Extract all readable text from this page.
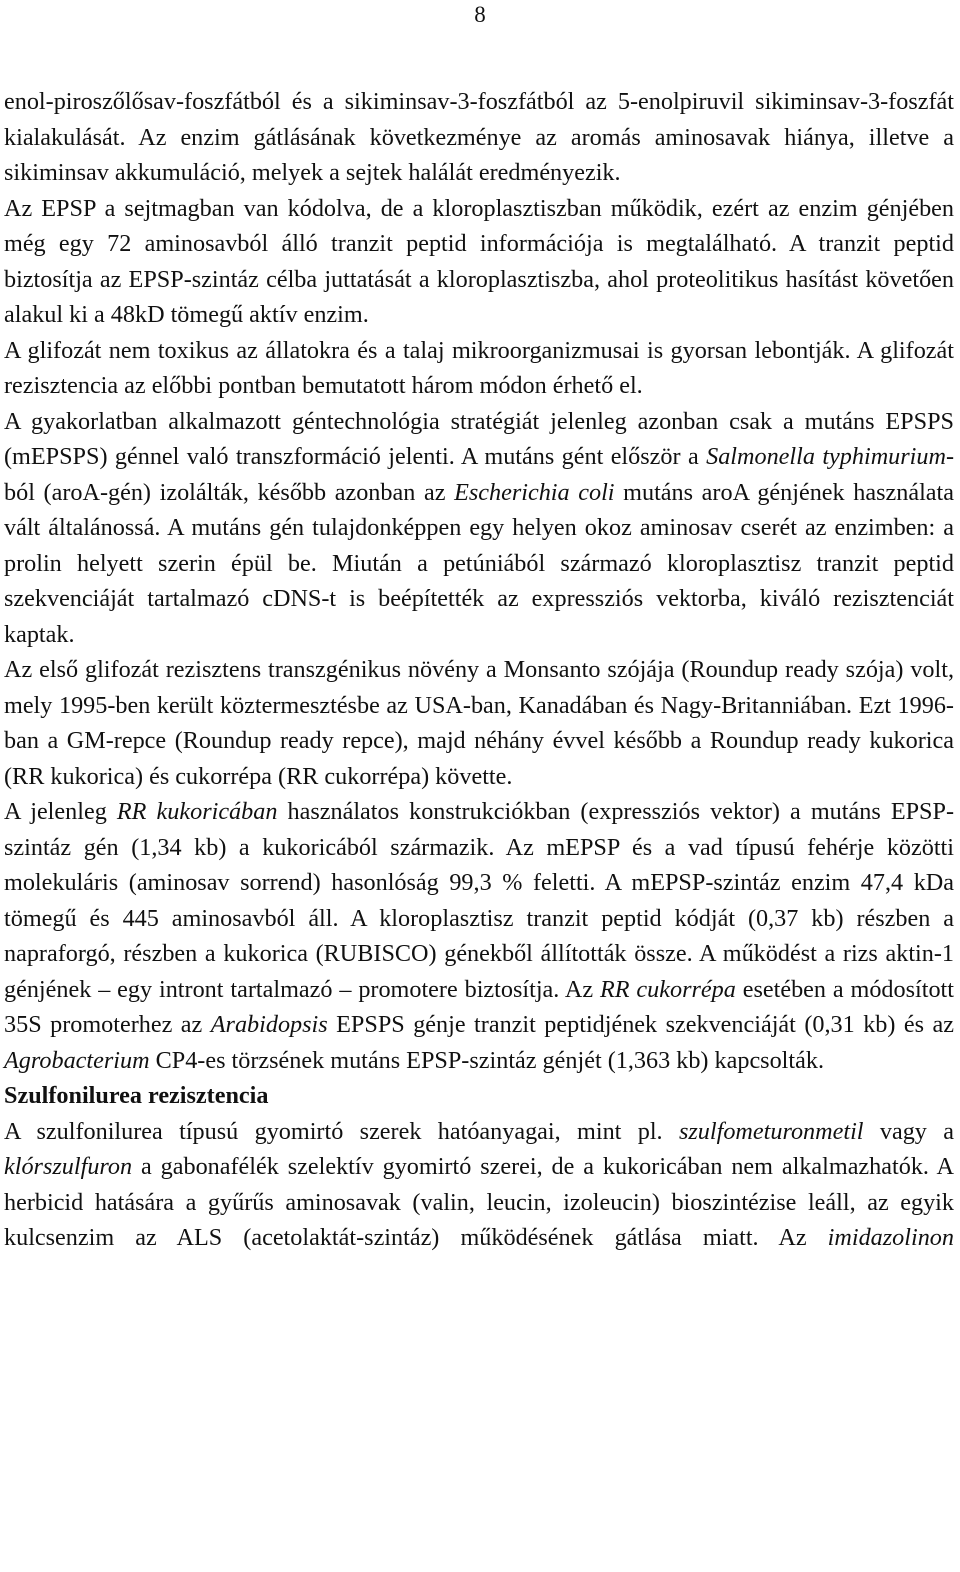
8

enol-piroszőlősav-foszfátból és a sikiminsav-3-foszfátból az 5-enolpiruvil sikiminsav-3-foszfát kialakulását. Az enzim gátlásának következménye az aromás aminosavak hiánya, illetve a sikiminsav akkumuláció, melyek a sejtek halálát eredményezik.

Az EPSP a sejtmagban van kódolva, de a kloroplasztiszban működik, ezért az enzim génjében még egy 72 aminosavból álló tranzit peptid információja is megtalálható. A tranzit peptid biztosítja az EPSP-szintáz célba juttatását a kloroplasztiszba, ahol proteolitikus hasítást követően alakul ki a 48kD tömegű aktív enzim.

A glifozát nem toxikus az állatokra és a talaj mikroorganizmusai is gyorsan lebontják. A glifozát rezisztencia az előbbi pontban bemutatott három módon érhető el.

A gyakorlatban alkalmazott géntechnológia stratégiát jelenleg azonban csak a mutáns EPSPS (mEPSPS) génnel való transzformáció jelenti. A mutáns gént először a Salmonella typhimurium-ból (aroA-gén) izolálták, később azonban az Escherichia coli mutáns aroA génjének használata vált általánossá. A mutáns gén tulajdonképpen egy helyen okoz aminosav cserét az enzimben: a prolin helyett szerin épül be. Miután a petúniából származó kloroplasztisz tranzit peptid szekvenciáját tartalmazó cDNS-t is beépítették az expressziós vektorba, kiváló rezisztenciát kaptak.

Az első glifozát rezisztens transzgénikus növény a Monsanto szójája (Roundup ready szója) volt, mely 1995-ben került köztermesztésbe az USA-ban, Kanadában és Nagy-Britanniában. Ezt 1996-ban a GM-repce (Roundup ready repce), majd néhány évvel később a Roundup ready kukorica (RR kukorica) és cukorrépa (RR cukorrépa) követte.

A jelenleg RR kukoricában használatos konstrukciókban (expressziós vektor) a mutáns EPSP-szintáz gén (1,34 kb) a kukoricából származik. Az mEPSP és a vad típusú fehérje közötti molekuláris (aminosav sorrend) hasonlóság 99,3 % feletti. A mEPSP-szintáz enzim 47,4 kDa tömegű és 445 aminosavból áll. A kloroplasztisz tranzit peptid kódját (0,37 kb) részben a napraforgó, részben a kukorica (RUBISCO) génekből állították össze. A működést a rizs aktin-1 génjének – egy intront tartalmazó – promotere biztosítja. Az RR cukorrépa esetében a módosított 35S promoterhez az Arabidopsis EPSPS génje tranzit peptidjének szekvenciáját (0,31 kb) és az Agrobacterium CP4-es törzsének mutáns EPSP-szintáz génjét (1,363 kb) kapcsolták.

Szulfonilurea rezisztencia

A szulfonilurea típusú gyomirtó szerek hatóanyagai, mint pl. szulfometuronmetil vagy a klórszulfuron a gabonafélék szelektív gyomirtó szerei, de a kukoricában nem alkalmazhatók. A herbicid hatására a gyűrűs aminosavak (valin, leucin, izoleucin) bioszintézise leáll, az egyik kulcsenzim az ALS (acetolaktát-szintáz) működésének gátlása miatt. Az imidazolinon
